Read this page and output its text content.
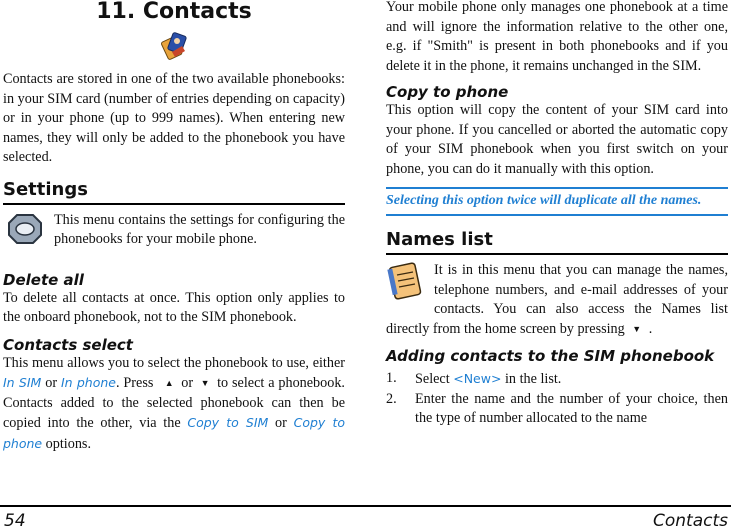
11. Contacts

Contacts are stored in one of the two available phonebooks: in your SIM card (number of entries depending on capacity) or in your phone (up to 999 names). When entering new names, they will only be added to the phonebook you have selected.

Settings

This menu contains the settings for configuring the phonebooks for your mobile phone.

Delete all

To delete all contacts at once. This option only applies to the onboard phonebook, not to the SIM phonebook.

Contacts select

This menu allows you to select the phonebook to use, either In SIM or In phone. Press ▲ or ▼ to select a phonebook. Contacts added to the selected phonebook can then be copied into the other, via the Copy to SIM or Copy to phone options.

Your mobile phone only manages one phonebook at a time and will ignore the information relative to the other one, e.g. if "Smith" is present in both phonebooks and if you delete it in the phone, it remains unchanged in the SIM.

Copy to phone

This option will copy the content of your SIM card into your phone. If you cancelled or aborted the automatic copy of your SIM phonebook when you first switch on your phone, you can do it manually with this option.

Selecting this option twice will duplicate all the names.
Names list

It is in this menu that you can manage the names, telephone numbers, and e-mail addresses of your contacts. You can also access the Names list directly from the home screen by pressing ▼ .

Adding contacts to the SIM phonebook
1. Select <New> in the list.
2. Enter the name and the number of your choice, then the type of number allocated to the name
54	Contacts
